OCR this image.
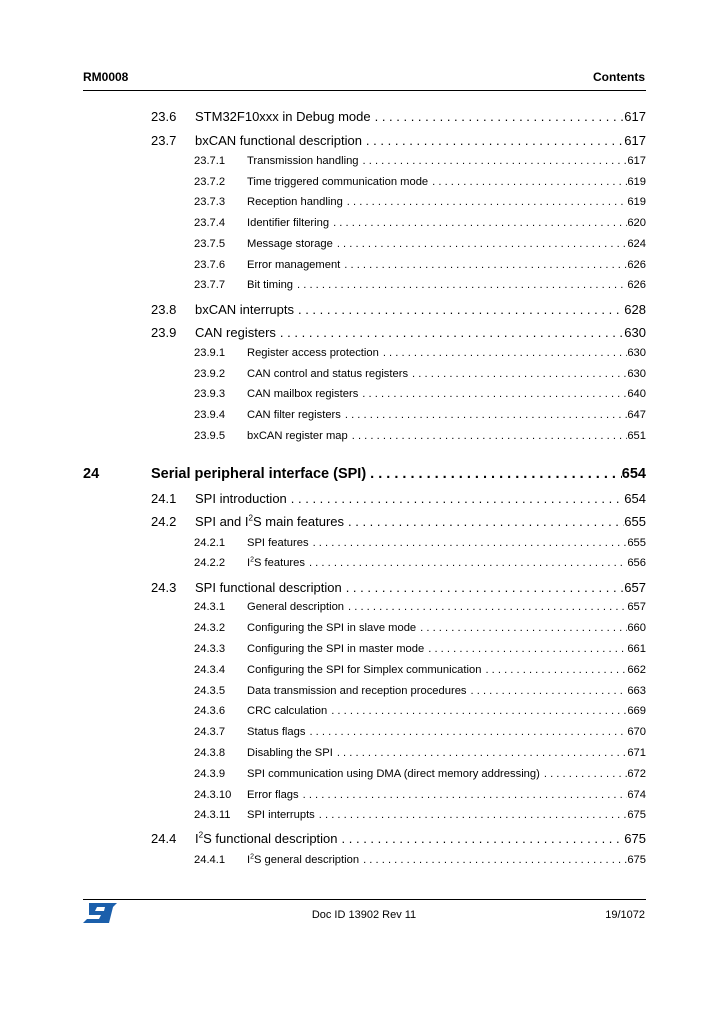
RM0008	Contents
23.6	STM32F10xxx in Debug mode . . .	617
23.7	bxCAN functional description . . .	617
23.7.1	Transmission handling . . .	617
23.7.2	Time triggered communication mode . . .	619
23.7.3	Reception handling . . .	619
23.7.4	Identifier filtering . . .	620
23.7.5	Message storage . . .	624
23.7.6	Error management . . .	626
23.7.7	Bit timing . . .	626
23.8	bxCAN interrupts . . .	628
23.9	CAN registers . . .	630
23.9.1	Register access protection . . .	630
23.9.2	CAN control and status registers . . .	630
23.9.3	CAN mailbox registers . . .	640
23.9.4	CAN filter registers . . .	647
23.9.5	bxCAN register map . . .	651
24	Serial peripheral interface (SPI) . . .	654
24.1	SPI introduction . . .	654
24.2	SPI and $I^2S$ main features . . .	655
24.2.1	SPI features . . .	655
24.2.2	$I^2S$ features . . .	656
24.3	SPI functional description . . .	657
24.3.1	General description . . .	657
24.3.2	Configuring the SPI in slave mode . . .	660
24.3.3	Configuring the SPI in master mode . . .	661
24.3.4	Configuring the SPI for Simplex communication . . .	662
24.3.5	Data transmission and reception procedures . . .	663
24.3.6	CRC calculation . . .	669
24.3.7	Status flags . . .	670
24.3.8	Disabling the SPI . . .	671
24.3.9	SPI communication using DMA (direct memory addressing) . . .	672
24.3.10	Error flags . . .	674
24.3.11	SPI interrupts . . .	675
24.4	$I^2S$ functional description . . .	675
24.4.1	$I^2S$ general description . . .	675
Doc ID 13902 Rev 11	19/1072
